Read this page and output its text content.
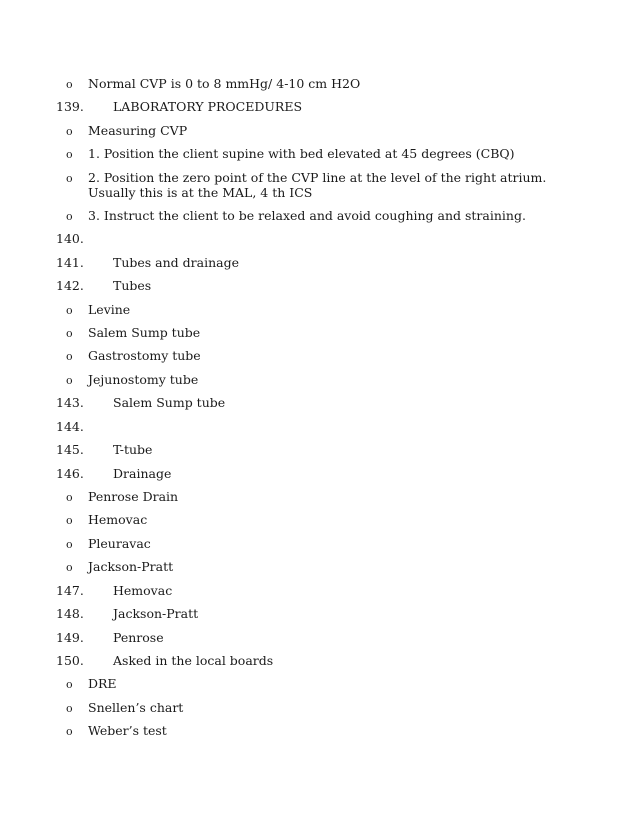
o Normal CVP is 0 to 8 mmHg/ 4-10 cm H2O
139. LABORATORY PROCEDURES
o Measuring CVP
o 1. Position the client supine with bed elevated at 45 degrees (CBQ)
o 2. Position the zero point of the CVP line at the level of the right atrium. Usually this is at the MAL, 4 th ICS
o 3. Instruct the client to be relaxed and avoid coughing and straining.
140.
141. Tubes and drainage
142. Tubes
o Levine
o Salem Sump tube
o Gastrostomy tube
o Jejunostomy tube
143. Salem Sump tube
144.
145. T-tube
146. Drainage
o Penrose Drain
o Hemovac
o Pleuravac
o Jackson-Pratt
147. Hemovac
148. Jackson-Pratt
149. Penrose
150. Asked in the local boards
o DRE
o Snellen’s chart
o Weber’s test
